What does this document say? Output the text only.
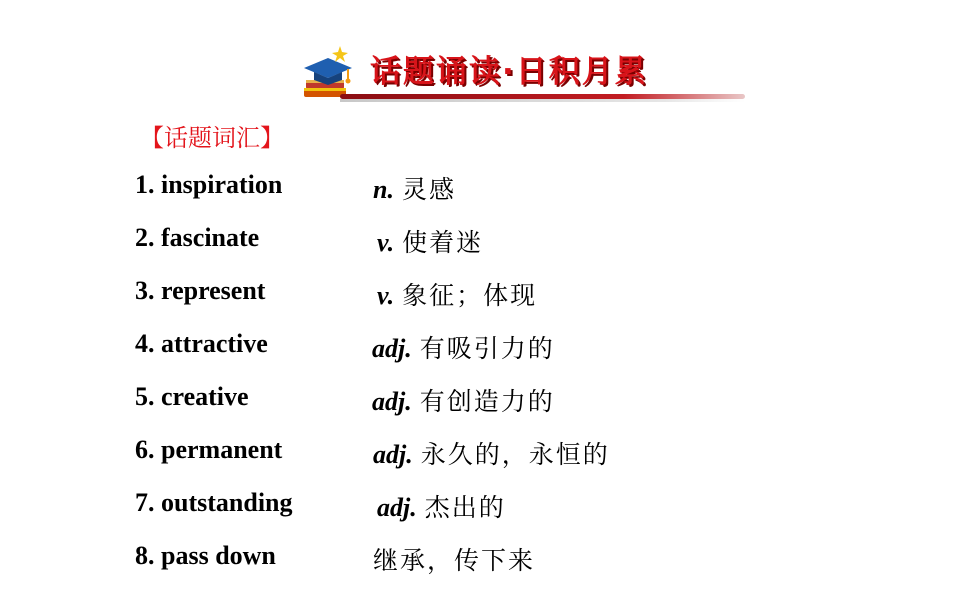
话题诵读·日积月累
【话题词汇】
1. inspiration	n. 灵感
2. fascinate	v. 使着迷
3. represent	v. 象征；体现
4. attractive	adj. 有吸引力的
5. creative	adj. 有创造力的
6. permanent	adj. 永久的，永恒的
7. outstanding	adj. 杰出的
8. pass down	继承，传下来
